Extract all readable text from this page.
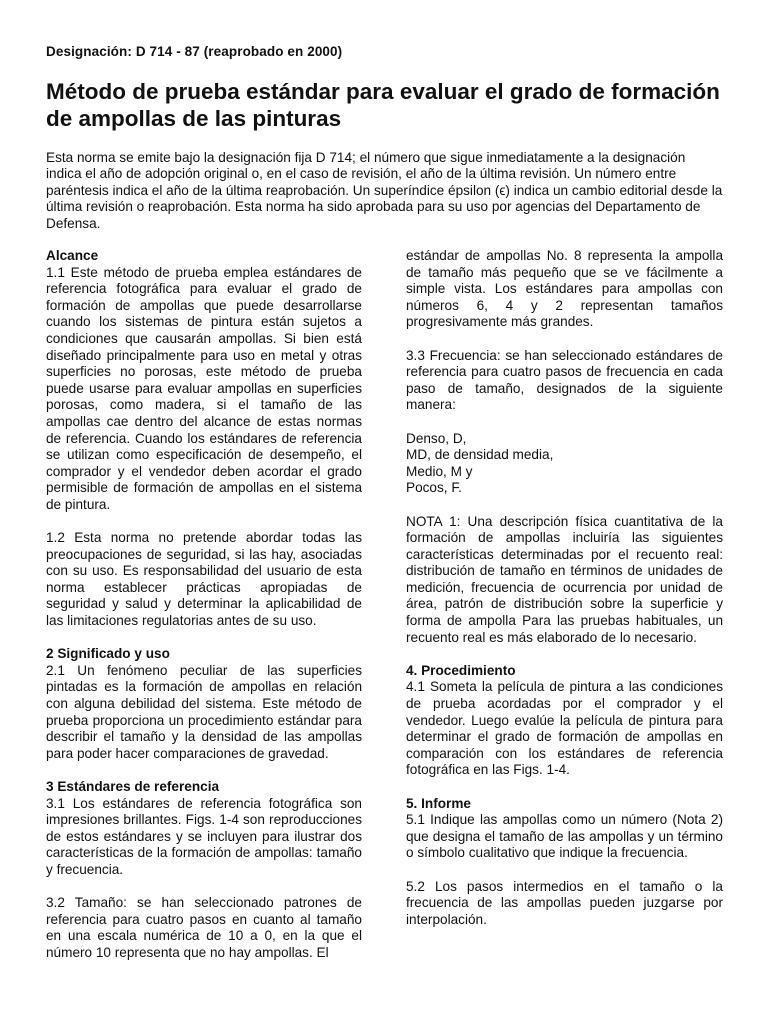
Designación: D 714 - 87 (reaprobado en 2000)
Método de prueba estándar para evaluar el grado de formación de ampollas de las pinturas

Esta norma se emite bajo la designación fija D 714; el número que sigue inmediatamente a la designación indica el año de adopción original o, en el caso de revisión, el año de la última revisión. Un número entre paréntesis indica el año de la última reaprobación. Un superíndice épsilon (ϵ) indica un cambio editorial desde la última revisión o reaprobación. Esta norma ha sido aprobada para su uso por agencias del Departamento de Defensa.

Alcance

1.1 Este método de prueba emplea estándares de referencia fotográfica para evaluar el grado de formación de ampollas que puede desarrollarse cuando los sistemas de pintura están sujetos a condiciones que causarán ampollas. Si bien está diseñado principalmente para uso en metal y otras superficies no porosas, este método de prueba puede usarse para evaluar ampollas en superficies porosas, como madera, si el tamaño de las ampollas cae dentro del alcance de estas normas de referencia. Cuando los estándares de referencia se utilizan como especificación de desempeño, el comprador y el vendedor deben acordar el grado permisible de formación de ampollas en el sistema de pintura.

1.2 Esta norma no pretende abordar todas las preocupaciones de seguridad, si las hay, asociadas con su uso. Es responsabilidad del usuario de esta norma establecer prácticas apropiadas de seguridad y salud y determinar la aplicabilidad de las limitaciones regulatorias antes de su uso.

2 Significado y uso

2.1 Un fenómeno peculiar de las superficies pintadas es la formación de ampollas en relación con alguna debilidad del sistema. Este método de prueba proporciona un procedimiento estándar para describir el tamaño y la densidad de las ampollas para poder hacer comparaciones de gravedad.

3 Estándares de referencia

3.1 Los estándares de referencia fotográfica son impresiones brillantes. Figs. 1-4 son reproducciones de estos estándares y se incluyen para ilustrar dos características de la formación de ampollas: tamaño y frecuencia.

3.2 Tamaño: se han seleccionado patrones de referencia para cuatro pasos en cuanto al tamaño en una escala numérica de 10 a 0, en la que el número 10 representa que no hay ampollas. El

estándar de ampollas No. 8 representa la ampolla de tamaño más pequeño que se ve fácilmente a simple vista. Los estándares para ampollas con números 6, 4 y 2 representan tamaños progresivamente más grandes.

3.3 Frecuencia: se han seleccionado estándares de referencia para cuatro pasos de frecuencia en cada paso de tamaño, designados de la siguiente manera:

Denso, D,

MD, de densidad media,

Medio, M y

Pocos, F.

NOTA 1: Una descripción física cuantitativa de la formación de ampollas incluiría las siguientes características determinadas por el recuento real: distribución de tamaño en términos de unidades de medición, frecuencia de ocurrencia por unidad de área, patrón de distribución sobre la superficie y forma de ampolla Para las pruebas habituales, un recuento real es más elaborado de lo necesario.

4. Procedimiento

4.1 Someta la película de pintura a las condiciones de prueba acordadas por el comprador y el vendedor. Luego evalúe la película de pintura para determinar el grado de formación de ampollas en comparación con los estándares de referencia fotográfica en las Figs. 1-4.

5. Informe

5.1 Indique las ampollas como un número (Nota 2) que designa el tamaño de las ampollas y un término o símbolo cualitativo que indique la frecuencia.

5.2 Los pasos intermedios en el tamaño o la frecuencia de las ampollas pueden juzgarse por interpolación.
